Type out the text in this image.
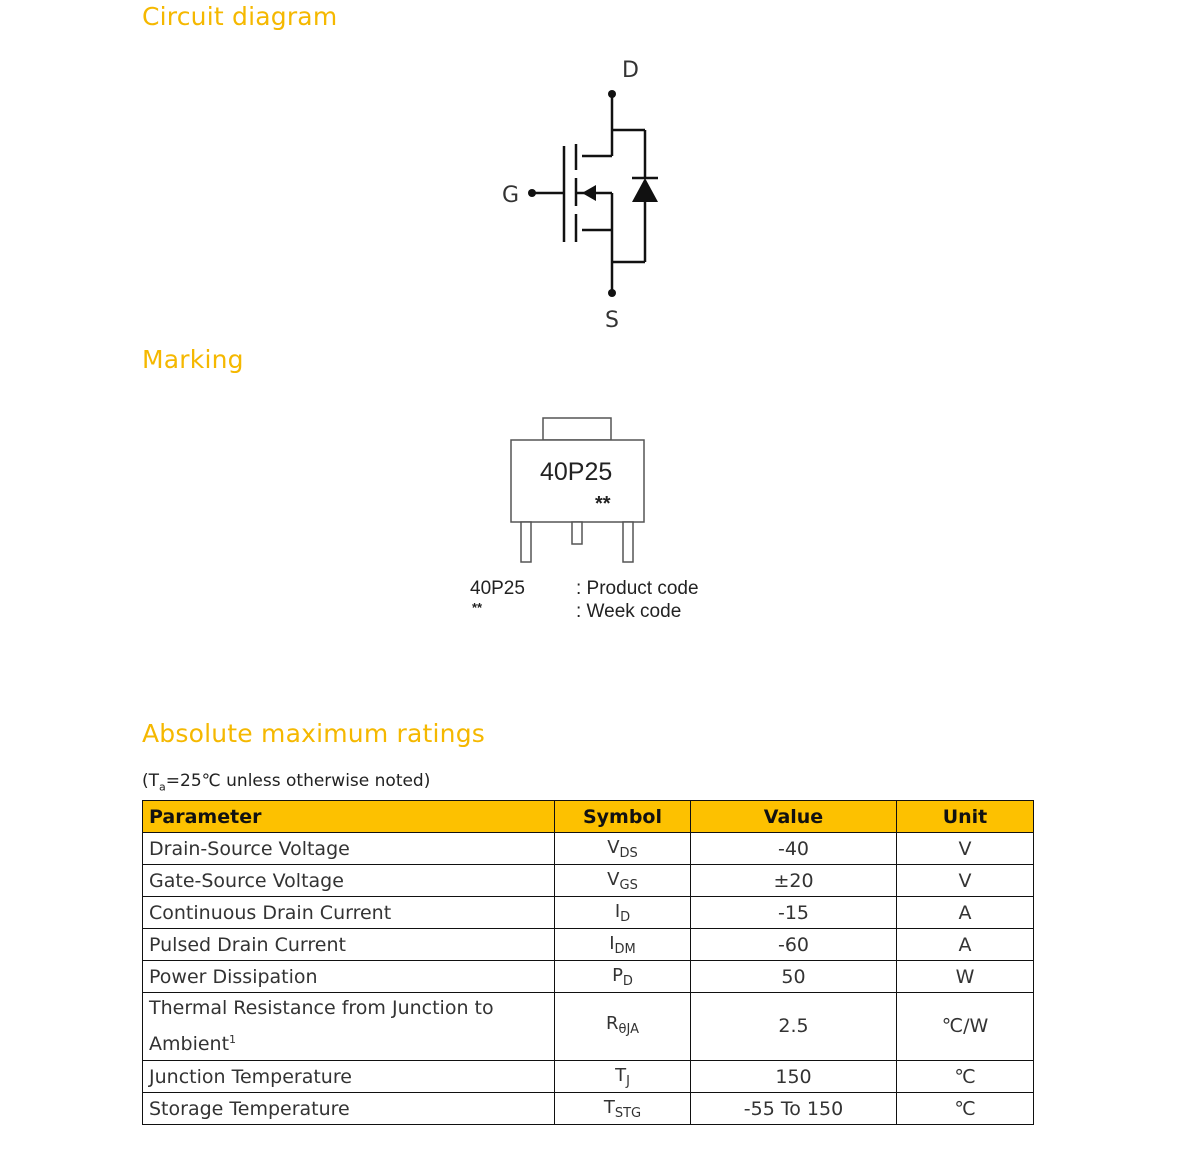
Circuit diagram
D
G
S
Marking
40P25
**
40P25
**
: Product code
: Week code
Absolute maximum ratings
($T_a=25℃$ unless otherwise noted)
Parameter	Symbol	Value	Unit
Drain-Source Voltage	$V_{DS}$	-40	V
Gate-Source Voltage	$V_{GS}$	±20	V
Continuous Drain Current	$I_D$	-15	A
Pulsed Drain Current	$I_{DM}$	-60	A
Power Dissipation	$P_D$	50	W
Thermal Resistance from Junction to Ambient$^1$	$R_{\theta JA}$	2.5	℃/W
Junction Temperature	$T_J$	150	℃
Storage Temperature	$T_{STG}$	-55 To 150	℃
